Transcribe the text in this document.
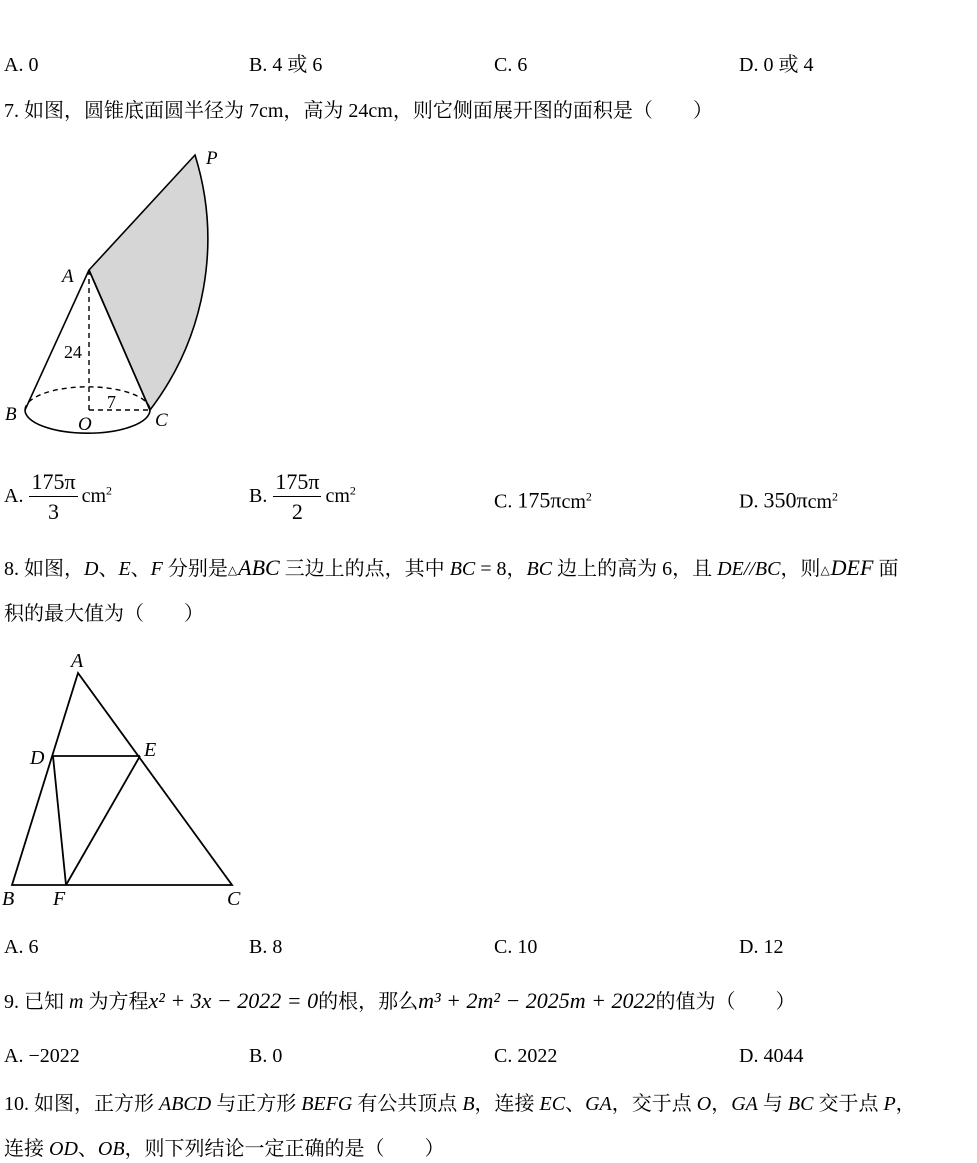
A. 0	B. 4 或 6	C. 6	D. 0 或 4
7. 如图，圆锥底面圆半径为 7cm，高为 24cm，则它侧面展开图的面积是（　　）
P
A
24
7
B	O	C
A. $\frac{175\pi}{3} cm^2$	B. $\frac{175\pi}{2} cm^2$
C. 175πcm$^2$	D. 350πcm$^2$
8. 如图，D、E、F 分别是△ABC 三边上的点，其中 BC = 8，BC 边上的高为 6，且 DE//BC，则△DEF 面
积的最大值为（　　）
A
D	E
B F	C
A. 6	B. 8	C. 10	D. 12
9. 已知 m 为方程x² + 3x − 2022 = 0的根，那么m³ + 2m² − 2025m + 2022的值为（　　）
A. −2022	B. 0	C. 2022	D. 4044
10. 如图，正方形 ABCD 与正方形 BEFG 有公共顶点 B，连接 EC、GA，交于点 O，GA 与 BC 交于点 P，
连接 OD、OB，则下列结论一定正确的是（　　）
